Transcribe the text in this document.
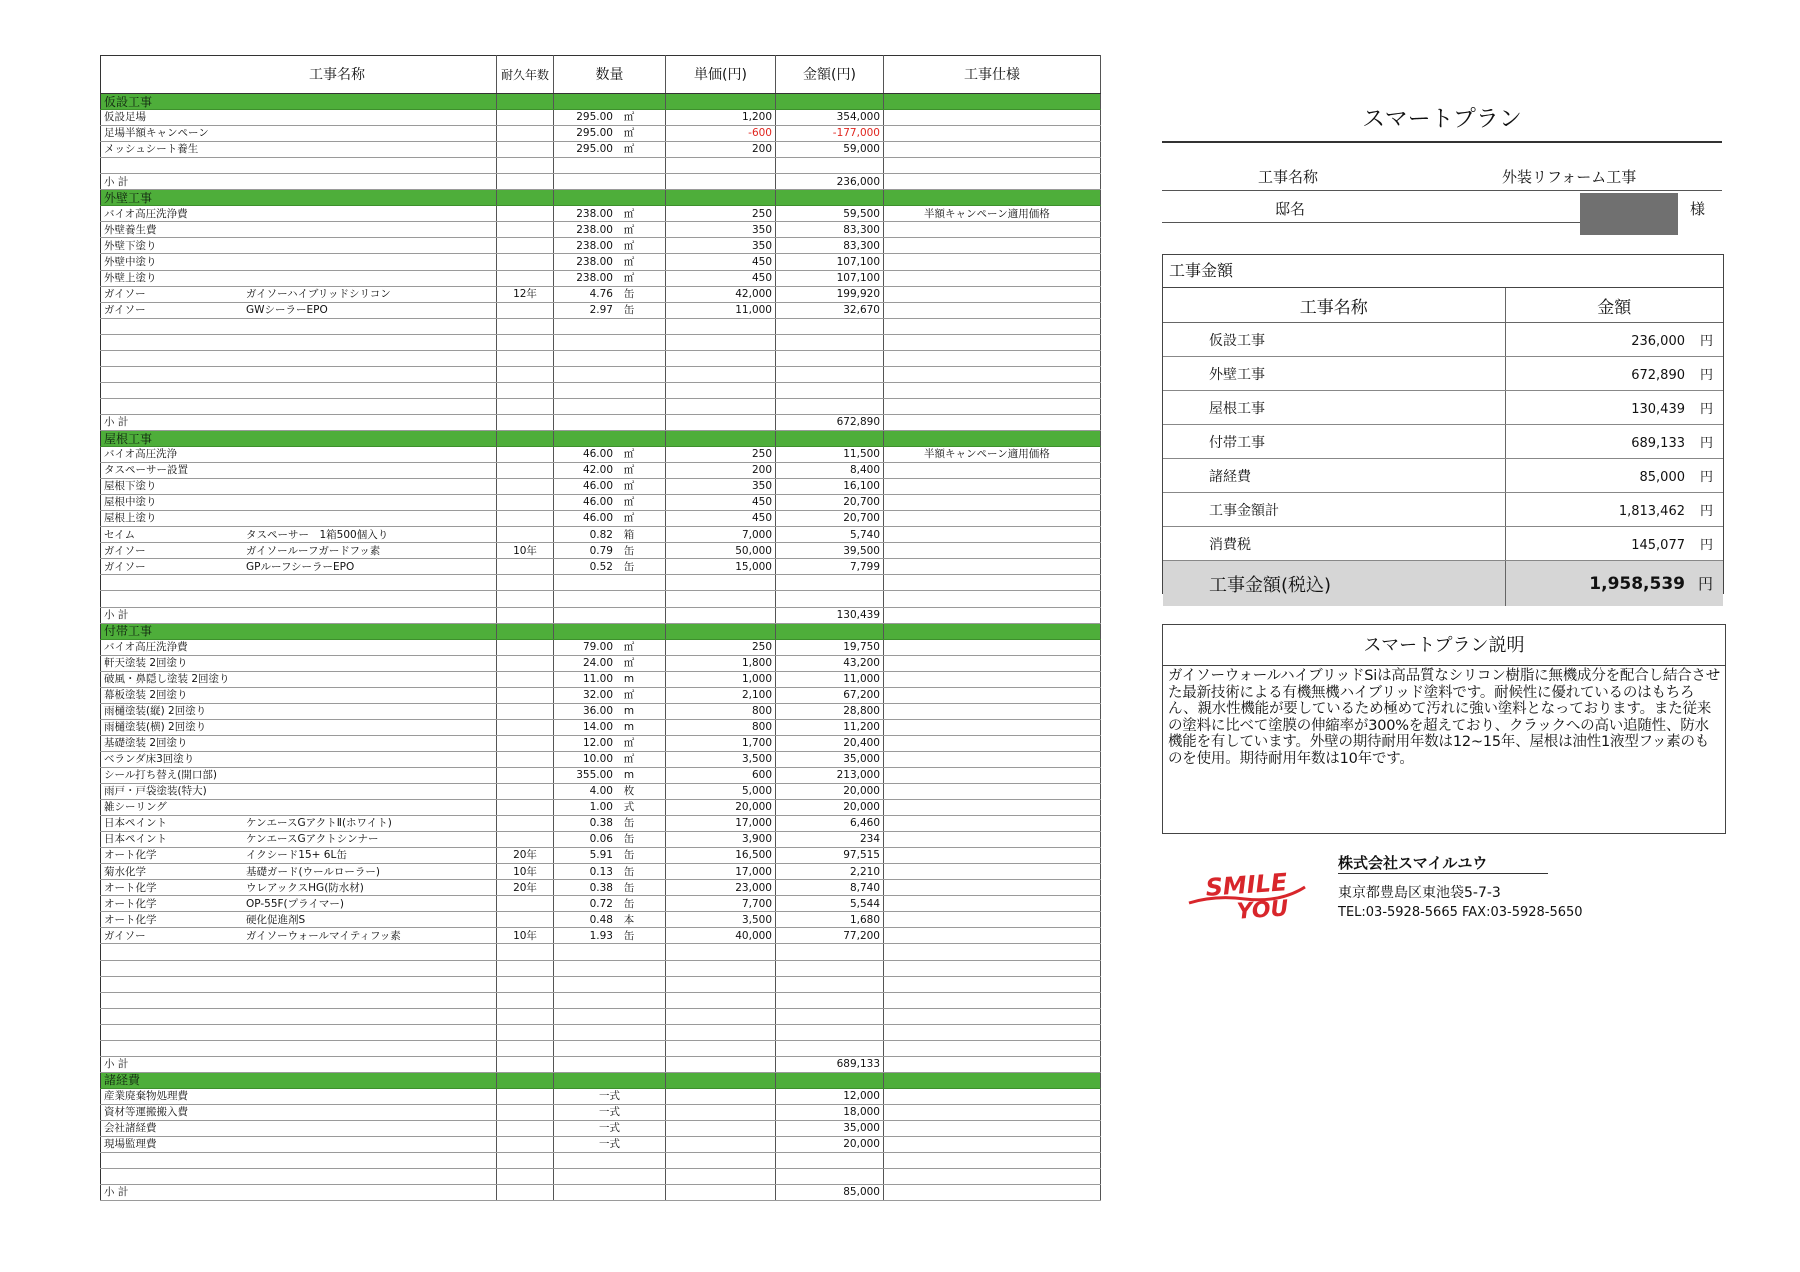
工事名称	耐久年数	数量	単価(円)	金額(円)	工事仕様
仮設工事					
仮設足場		295.00 ㎡	1,200	354,000	
足場半額キャンペーン		295.00 ㎡	-600	-177,000	
メッシュシート養生		295.00 ㎡	200	59,000	

小 計				236,000	
外壁工事					
バイオ高圧洗浄費		238.00 ㎡	250	59,500	半額キャンペーン適用価格
外壁養生費		238.00 ㎡	350	83,300	
外壁下塗り		238.00 ㎡	350	83,300	
外壁中塗り		238.00 ㎡	450	107,100	
外壁上塗り		238.00 ㎡	450	107,100	
ガイソー ガイソーハイブリッドシリコン	12年	4.76 缶	42,000	199,920	
ガイソー GWシーラーEPO		2.97 缶	11,000	32,670	

小 計				672,890	
屋根工事					
バイオ高圧洗浄		46.00 ㎡	250	11,500	半額キャンペーン適用価格
タスペーサー設置		42.00 ㎡	200	8,400	
屋根下塗り		46.00 ㎡	350	16,100	
屋根中塗り		46.00 ㎡	450	20,700	
屋根上塗り		46.00 ㎡	450	20,700	
セイム タスペーサー　1箱500個入り		0.82 箱	7,000	5,740	
ガイソー ガイソールーフガードフッ素	10年	0.79 缶	50,000	39,500	
ガイソー GPルーフシーラーEPO		0.52 缶	15,000	7,799	

小 計				130,439	
付帯工事					
バイオ高圧洗浄費		79.00 ㎡	250	19,750	
軒天塗装 2回塗り		24.00 ㎡	1,800	43,200	
破風・鼻隠し塗装 2回塗り		11.00 m	1,000	11,000	
幕板塗装 2回塗り		32.00 ㎡	2,100	67,200	
雨樋塗装(縦) 2回塗り		36.00 m	800	28,800	
雨樋塗装(横) 2回塗り		14.00 m	800	11,200	
基礎塗装 2回塗り		12.00 ㎡	1,700	20,400	
ベランダ床3回塗り		10.00 ㎡	3,500	35,000	
シール打ち替え(開口部)		355.00 m	600	213,000	
雨戸・戸袋塗装(特大)		4.00 枚	5,000	20,000	
雑シーリング		1.00 式	20,000	20,000	
日本ペイント ケンエースGアクトⅡ(ホワイト)		0.38 缶	17,000	6,460	
日本ペイント ケンエースGアクトシンナー		0.06 缶	3,900	234	
オート化学 イクシード15+ 6L缶	20年	5.91 缶	16,500	97,515	
菊水化学 基礎ガード(ウールローラー)	10年	0.13 缶	17,000	2,210	
オート化学 ウレアックスHG(防水材)	20年	0.38 缶	23,000	8,740	
オート化学 OP-55F(プライマー)		0.72 缶	7,700	5,544	
オート化学 硬化促進剤S		0.48 本	3,500	1,680	
ガイソー ガイソーウォールマイティフッ素	10年	1.93 缶	40,000	77,200	

小 計				689,133	
諸経費					
産業廃棄物処理費		一式		12,000	
資材等運搬搬入費		一式		18,000	
会社諸経費		一式		35,000	
現場監理費		一式		20,000	

小 計				85,000	
スマートプラン
工事名称	外装リフォーム工事
邸名	様
工事金額
工事名称	金額
仮設工事	236,000 円
外壁工事	672,890 円
屋根工事	130,439 円
付帯工事	689,133 円
諸経費	85,000 円
工事金額計	1,813,462 円
消費税	145,077 円
工事金額(税込)	1,958,539 円
スマートプラン説明
ガイソーウォールハイブリッドSiは高品質なシリコン樹脂に無機成分を配合し結合させた最新技術による有機無機ハイブリッド塗料です。耐候性に優れているのはもちろん、親水性機能が要しているため極めて汚れに強い塗料となっております。また従来の塗料に比べて塗膜の伸縮率が300%を超えており、クラックへの高い追随性、防水機能を有しています。外壁の期待耐用年数は12~15年、屋根は油性1液型フッ素のものを使用。期待耐用年数は10年です。
SMILE
YOU
株式会社スマイルユウ
東京都豊島区東池袋5-7-3
TEL:03-5928-5665 FAX:03-5928-5650
